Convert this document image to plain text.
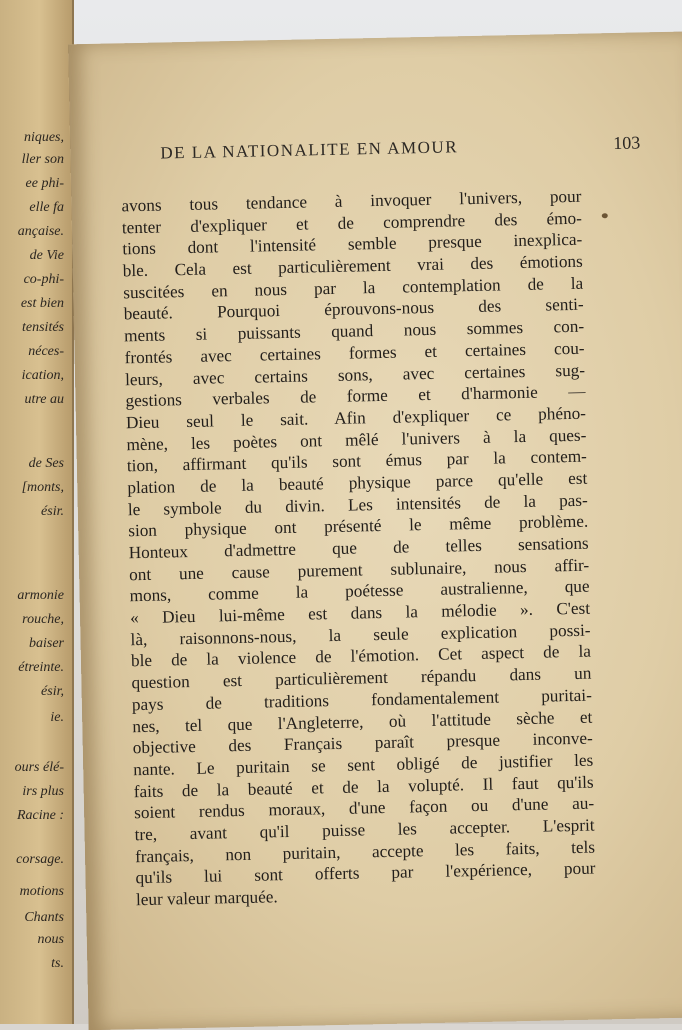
niques,
ller son
ee phi-
elle fa
ançaise.
de Vie
co-phi-
est bien
tensités
néces-
ication,
utre au
de Ses
[monts,
ésir.
armonie
rouche,
baiser
étreinte.
ésir,
ie.
ours élé-
irs plus
Racine :
corsage.
motions
Chants
nous
ts.
DE LA NATIONALITE EN AMOUR	103
avons tous tendance à invoquer l'univers, pour
tenter d'expliquer et de comprendre des émo-
tions dont l'intensité semble presque inexplica-
ble. Cela est particulièrement vrai des émotions
suscitées en nous par la contemplation de la
beauté. Pourquoi éprouvons-nous des senti-
ments si puissants quand nous sommes con-
frontés avec certaines formes et certaines cou-
leurs, avec certains sons, avec certaines sug-
gestions verbales de forme et d'harmonie —
Dieu seul le sait. Afin d'expliquer ce phéno-
mène, les poètes ont mêlé l'univers à la ques-
tion, affirmant qu'ils sont émus par la contem-
plation de la beauté physique parce qu'elle est
le symbole du divin. Les intensités de la pas-
sion physique ont présenté le même problème.
Honteux d'admettre que de telles sensations
ont une cause purement sublunaire, nous affir-
mons, comme la poétesse australienne, que
« Dieu lui-même est dans la mélodie ». C'est
là, raisonnons-nous, la seule explication possi-
ble de la violence de l'émotion. Cet aspect de la
question est particulièrement répandu dans un
pays de traditions fondamentalement puritai-
nes, tel que l'Angleterre, où l'attitude sèche et
objective des Français paraît presque inconve-
nante. Le puritain se sent obligé de justifier les
faits de la beauté et de la volupté. Il faut qu'ils
soient rendus moraux, d'une façon ou d'une au-
tre, avant qu'il puisse les accepter. L'esprit
français, non puritain, accepte les faits, tels
qu'ils lui sont offerts par l'expérience, pour
leur valeur marquée.
